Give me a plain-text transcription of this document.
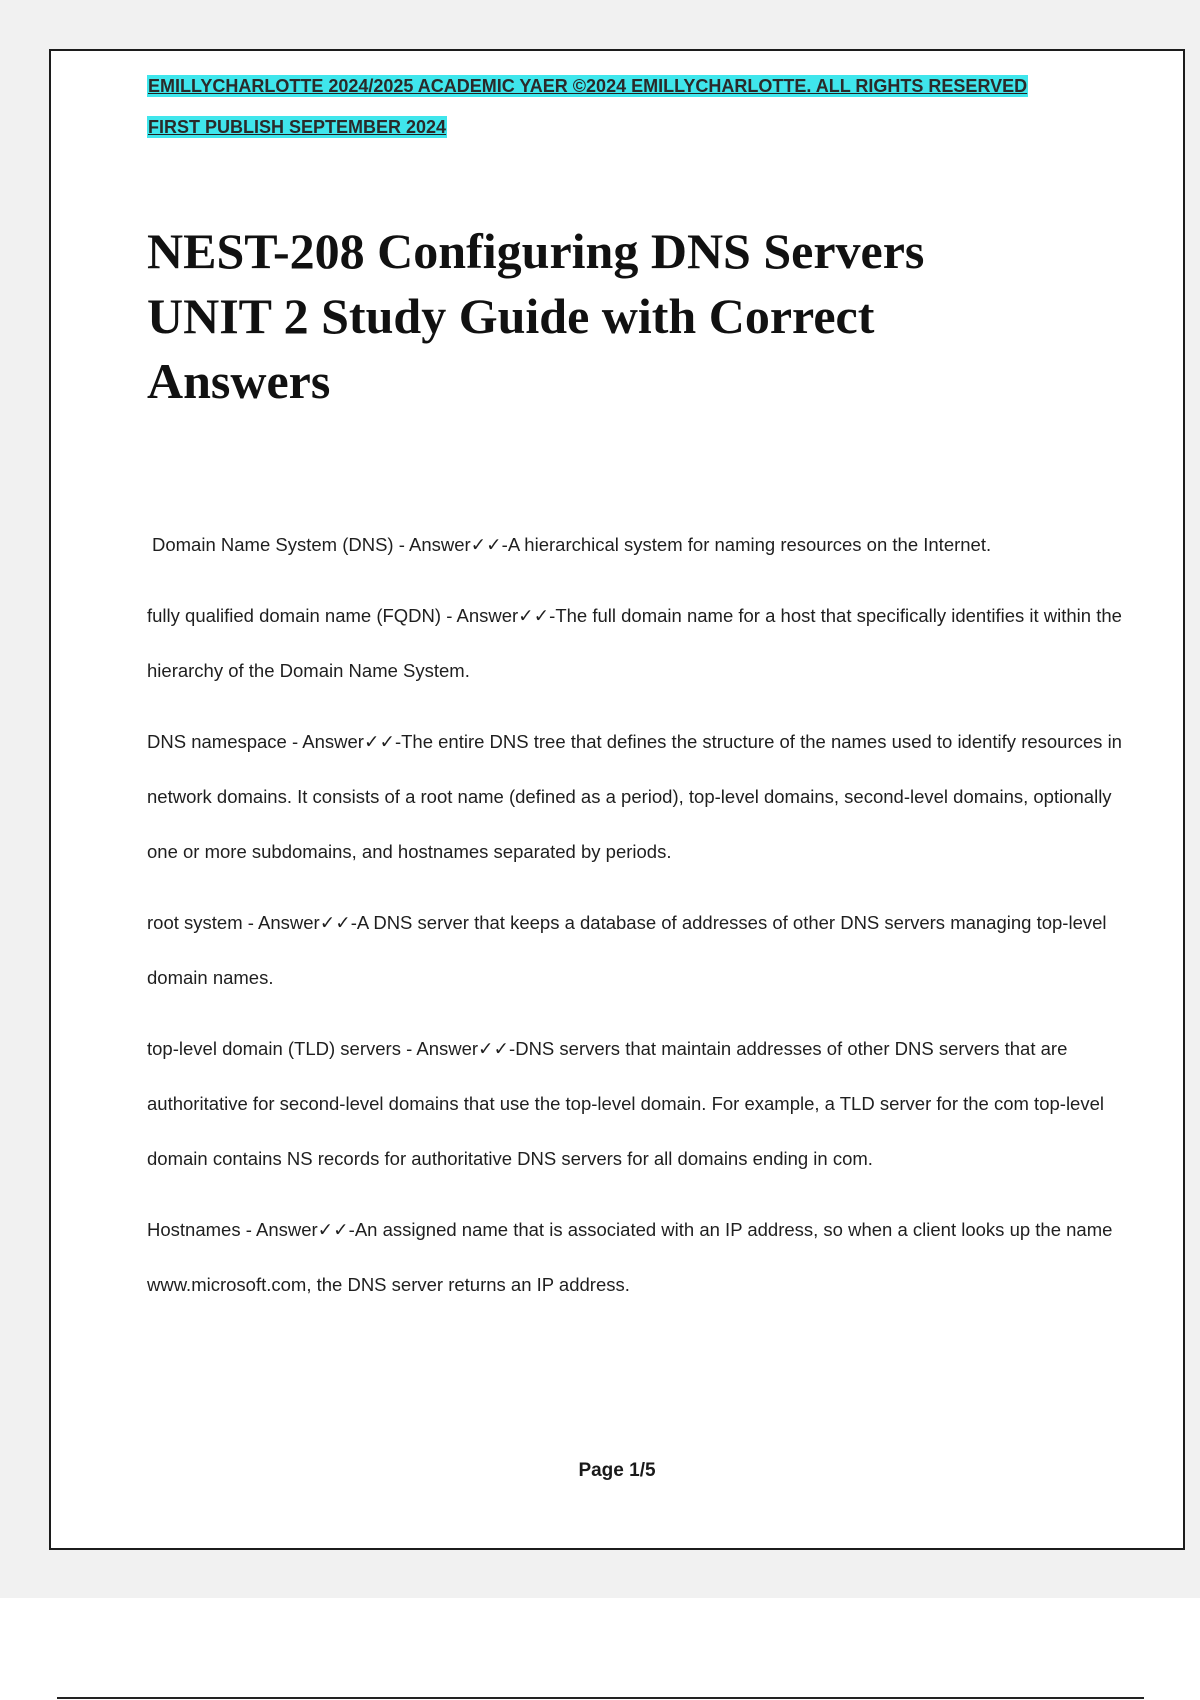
EMILLYCHARLOTTE 2024/2025 ACADEMIC YAER ©2024 EMILLYCHARLOTTE. ALL RIGHTS RESERVED
FIRST PUBLISH SEPTEMBER 2024
NEST-208 Configuring DNS Servers
UNIT 2 Study Guide with Correct
Answers

Domain Name System (DNS) - Answer✓✓-A hierarchical system for naming resources on the Internet.

fully qualified domain name (FQDN) - Answer✓✓-The full domain name for a host that specifically identifies it within the hierarchy of the Domain Name System.

DNS namespace - Answer✓✓-The entire DNS tree that defines the structure of the names used to identify resources in network domains. It consists of a root name (defined as a period), top-level domains, second-level domains, optionally one or more subdomains, and hostnames separated by periods.

root system - Answer✓✓-A DNS server that keeps a database of addresses of other DNS servers managing top-level domain names.

top-level domain (TLD) servers - Answer✓✓-DNS servers that maintain addresses of other DNS servers that are authoritative for second-level domains that use the top-level domain. For example, a TLD server for the com top-level domain contains NS records for authoritative DNS servers for all domains ending in com.

Hostnames - Answer✓✓-An assigned name that is associated with an IP address, so when a client looks up the name www.microsoft.com, the DNS server returns an IP address.

Page 1/5
